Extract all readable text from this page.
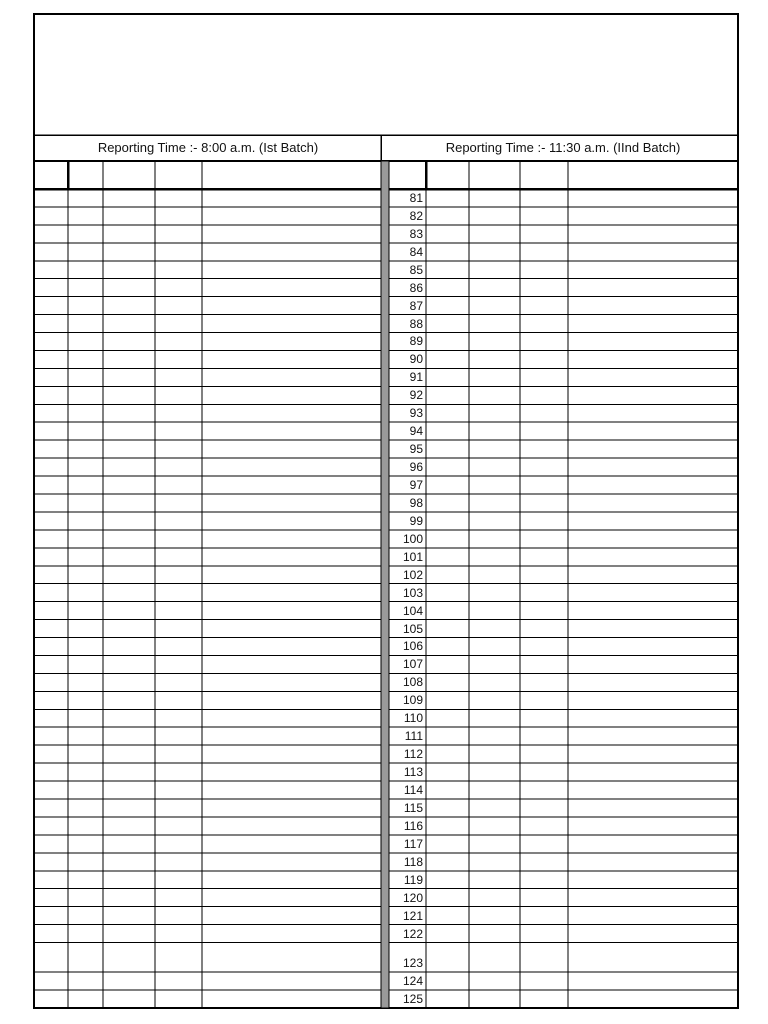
Reporting Time :- 8:00 a.m. (Ist Batch)	Reporting Time :- 11:30 a.m. (IInd Batch)
81
82
83
84
85
86
87
88
89
90
91
92
93
94
95
96
97
98
99
100
101
102
103
104
105
106
107
108
109
110
111
112
113
114
115
116
117
118
119
120
121
122
123
124
125
